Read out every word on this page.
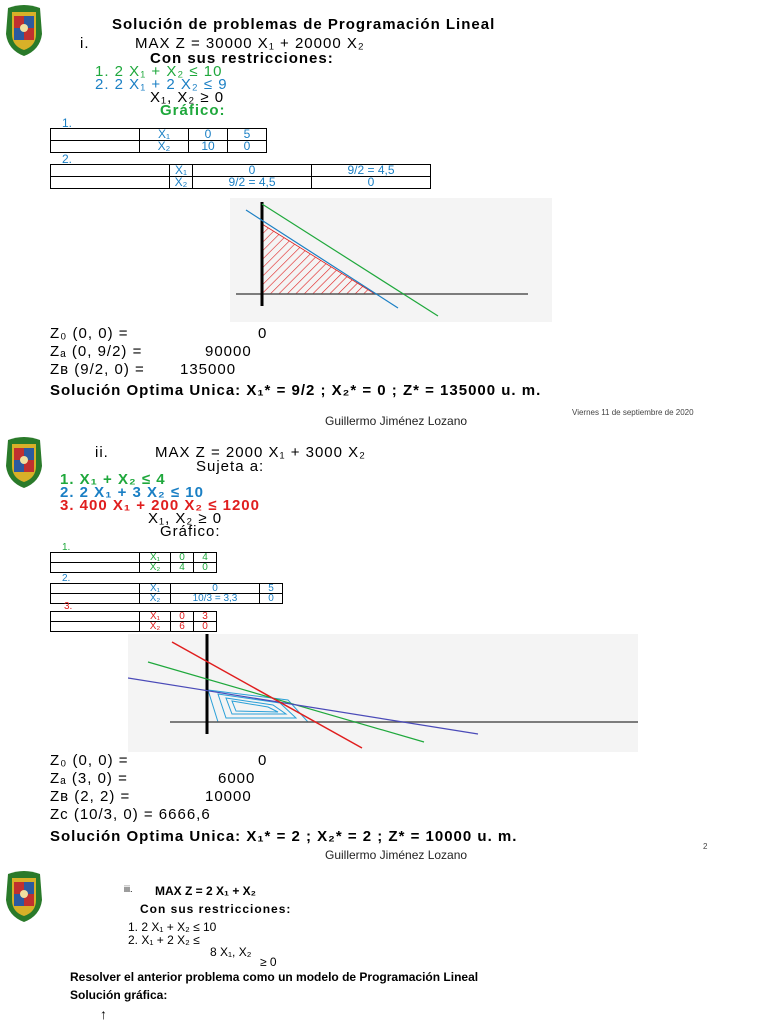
Solución de problemas de Programación Lineal
i.	MAX Z = 30000 X₁ + 20000 X₂
Con sus restricciones:
1. 2 X₁ + X₂ ≤ 10
2. 2 X₁ + 2 X₂ ≤ 9
X₁, X₂ ≥ 0
Gráfico:
1.
	X₁	0	5
	X₂	10	0
2.
	X₁	0	9/2 = 4,5
	X₂	9/2 = 4,5	0
Z₀ (0, 0) =	0
Zₐ (0, 9/2) =	90000
Zʙ (9/2, 0) = 135000
Solución Optima Unica: X₁* = 9/2 ; X₂* = 0 ; Z* = 135000 u. m.
Guillermo Jiménez Lozano
Viernes 11 de septiembre de 2020
ii.	MAX Z = 2000 X₁ + 3000 X₂
Sujeta a:
1. X₁ + X₂ ≤ 4
2. 2 X₁ + 3 X₂ ≤ 10
3. 400 X₁ + 200 X₂ ≤ 1200
X₁, X₂ ≥ 0
Gráfico:
1.
	X₁	0	4
	X₂	4	0
2.
	X₁	0	5
	X₂	10/3 = 3,3	0
3.
	X₁	0	3
	X₂	6	0
Z₀ (0, 0) =	0
Zₐ (3, 0) =	6000
Zʙ (2, 2) =	10000
Zc (10/3, 0) = 6666,6
Solución Optima Unica: X₁* = 2 ; X₂* = 2 ; Z* = 10000 u. m.
Guillermo Jiménez Lozano
2
iii. MAX Z = 2 X₁ + X₂
Con sus restricciones:
1. 2 X₁ + X₂ ≤ 10
2. X₁ + 2 X₂ ≤
8 X₁, X₂
≥ 0
Resolver el anterior problema como un modelo de Programación Lineal
Solución gráfica:
↑
